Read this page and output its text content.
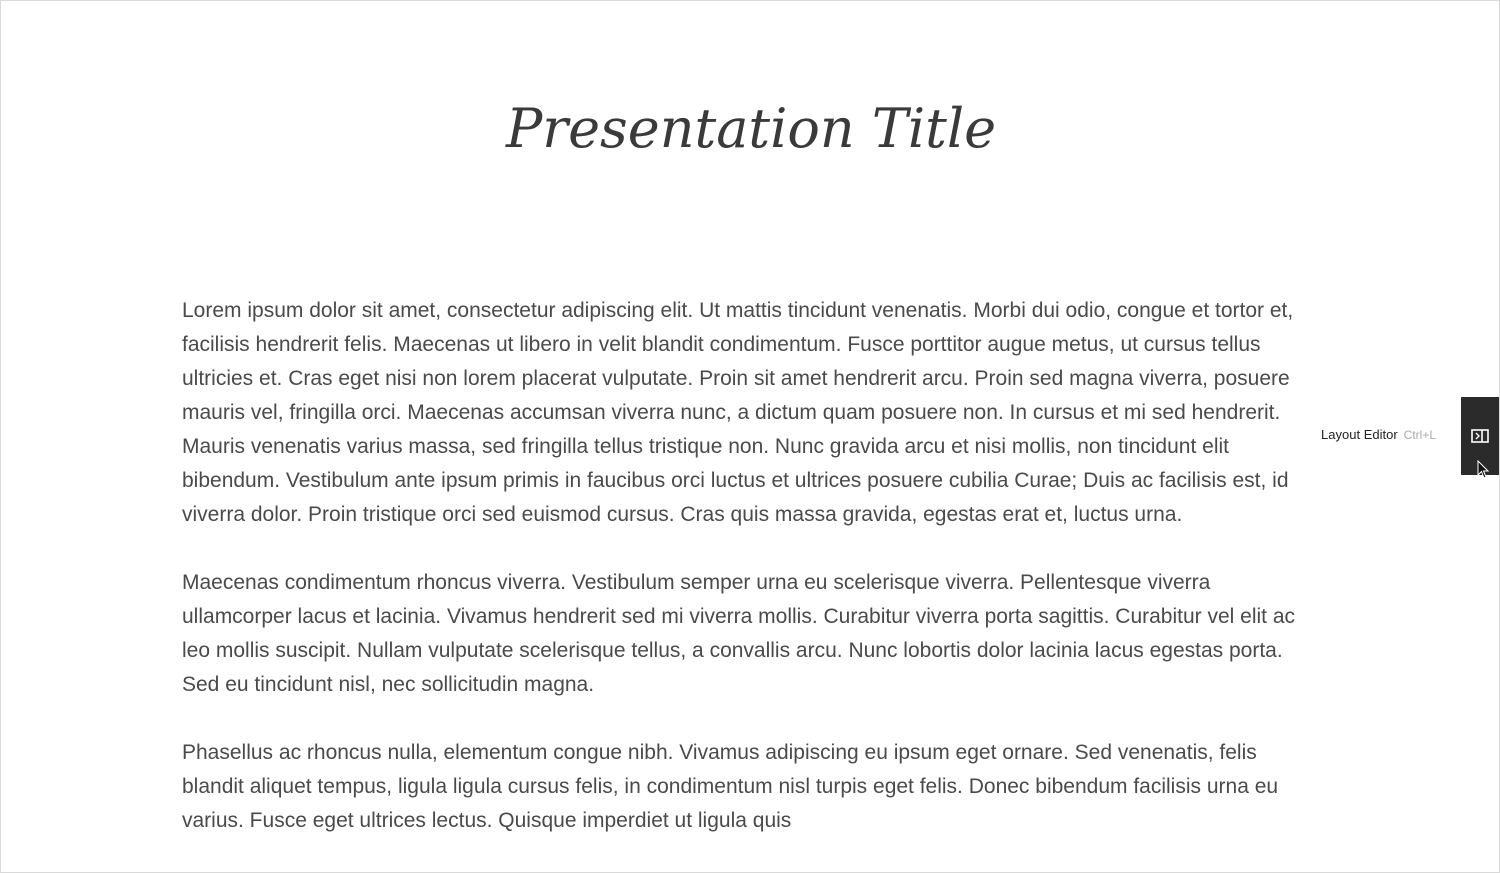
Presentation Title

Lorem ipsum dolor sit amet, consectetur adipiscing elit. Ut mattis tincidunt venenatis. Morbi dui odio, congue et tortor et, facilisis hendrerit felis. Maecenas ut libero in velit blandit condimentum. Fusce porttitor augue metus, ut cursus tellus ultricies et. Cras eget nisi non lorem placerat vulputate. Proin sit amet hendrerit arcu. Proin sed magna viverra, posuere mauris vel, fringilla orci. Maecenas accumsan viverra nunc, a dictum quam posuere non. In cursus et mi sed hendrerit. Mauris venenatis varius massa, sed fringilla tellus tristique non. Nunc gravida arcu et nisi mollis, non tincidunt elit bibendum. Vestibulum ante ipsum primis in faucibus orci luctus et ultrices posuere cubilia Curae; Duis ac facilisis est, id viverra dolor. Proin tristique orci sed euismod cursus. Cras quis massa gravida, egestas erat et, luctus urna.

Maecenas condimentum rhoncus viverra. Vestibulum semper urna eu scelerisque viverra. Pellentesque viverra ullamcorper lacus et lacinia. Vivamus hendrerit sed mi viverra mollis. Curabitur viverra porta sagittis. Curabitur vel elit ac leo mollis suscipit. Nullam vulputate scelerisque tellus, a convallis arcu. Nunc lobortis dolor lacinia lacus egestas porta. Sed eu tincidunt nisl, nec sollicitudin magna.

Phasellus ac rhoncus nulla, elementum congue nibh. Vivamus adipiscing eu ipsum eget ornare. Sed venenatis, felis blandit aliquet tempus, ligula ligula cursus felis, in condimentum nisl turpis eget felis. Donec bibendum facilisis urna eu varius. Fusce eget ultrices lectus. Quisque imperdiet ut ligula quis

Layout Editor Ctrl+L
